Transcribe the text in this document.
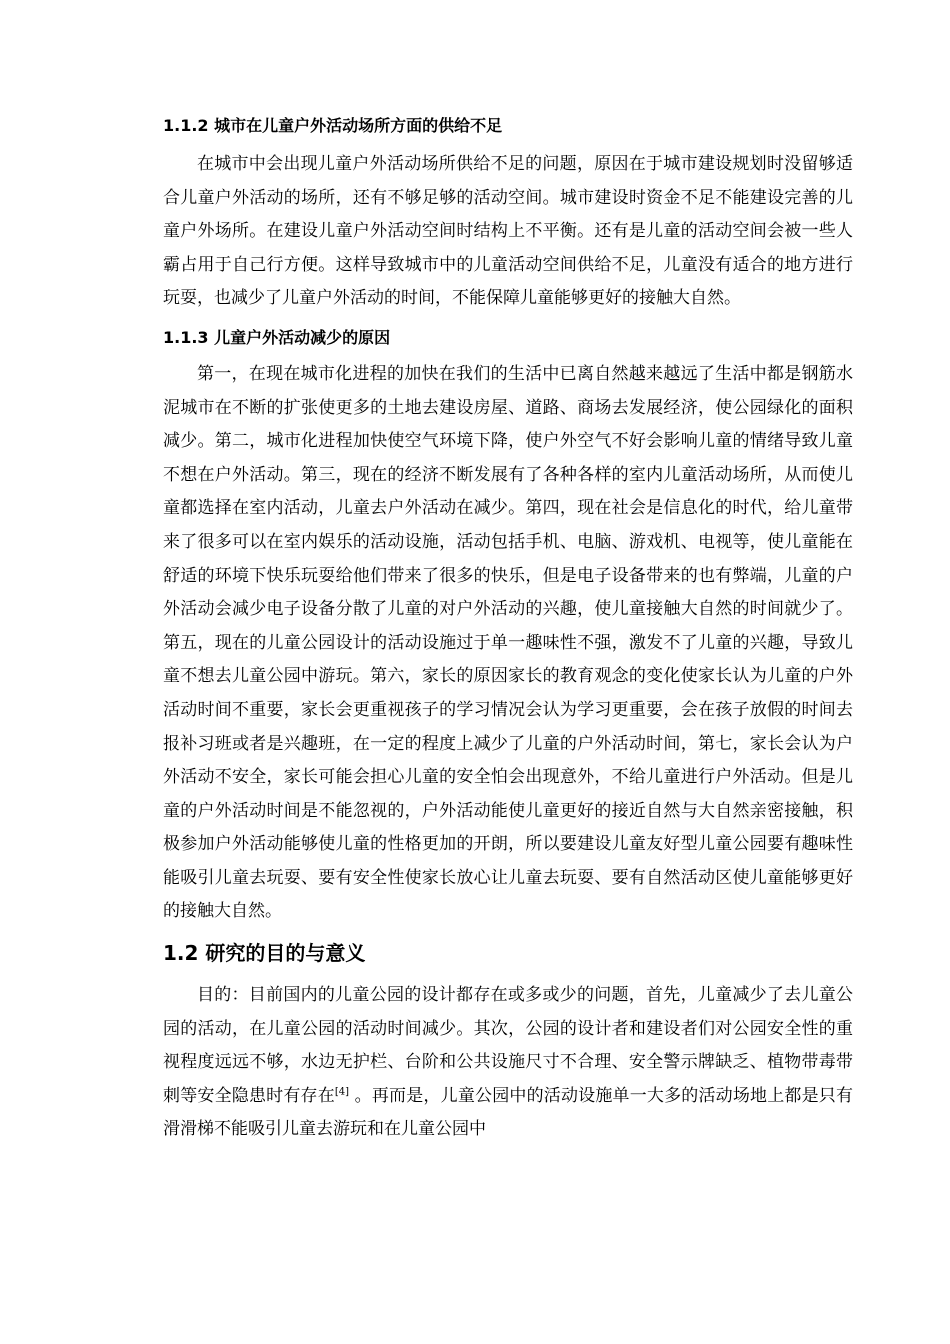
1.1.2 城市在儿童户外活动场所方面的供给不足

在城市中会出现儿童户外活动场所供给不足的问题，原因在于城市建设规划时没留够适合儿童户外活动的场所，还有不够足够的活动空间。城市建设时资金不足不能建设完善的儿童户外场所。在建设儿童户外活动空间时结构上不平衡。还有是儿童的活动空间会被一些人霸占用于自己行方便。这样导致城市中的儿童活动空间供给不足，儿童没有适合的地方进行玩耍，也减少了儿童户外活动的时间，不能保障儿童能够更好的接触大自然。

1.1.3 儿童户外活动减少的原因

第一，在现在城市化进程的加快在我们的生活中已离自然越来越远了生活中都是钢筋水泥城市在不断的扩张使更多的土地去建设房屋、道路、商场去发展经济，使公园绿化的面积减少。第二，城市化进程加快使空气环境下降，使户外空气不好会影响儿童的情绪导致儿童不想在户外活动。第三，现在的经济不断发展有了各种各样的室内儿童活动场所，从而使儿童都选择在室内活动，儿童去户外活动在减少。第四，现在社会是信息化的时代，给儿童带来了很多可以在室内娱乐的活动设施，活动包括手机、电脑、游戏机、电视等，使儿童能在舒适的环境下快乐玩耍给他们带来了很多的快乐，但是电子设备带来的也有弊端，儿童的户外活动会减少电子设备分散了儿童的对户外活动的兴趣，使儿童接触大自然的时间就少了。第五，现在的儿童公园设计的活动设施过于单一趣味性不强，激发不了儿童的兴趣，导致儿童不想去儿童公园中游玩。第六，家长的原因家长的教育观念的变化使家长认为儿童的户外活动时间不重要，家长会更重视孩子的学习情况会认为学习更重要，会在孩子放假的时间去报补习班或者是兴趣班，在一定的程度上减少了儿童的户外活动时间，第七，家长会认为户外活动不安全，家长可能会担心儿童的安全怕会出现意外，不给儿童进行户外活动。但是儿童的户外活动时间是不能忽视的，户外活动能使儿童更好的接近自然与大自然亲密接触，积极参加户外活动能够使儿童的性格更加的开朗，所以要建设儿童友好型儿童公园要有趣味性能吸引儿童去玩耍、要有安全性使家长放心让儿童去玩耍、要有自然活动区使儿童能够更好的接触大自然。

1.2 研究的目的与意义

目的：目前国内的儿童公园的设计都存在或多或少的问题，首先，儿童减少了去儿童公园的活动，在儿童公园的活动时间减少。其次，公园的设计者和建设者们对公园安全性的重视程度远远不够，水边无护栏、台阶和公共设施尺寸不合理、安全警示牌缺乏、植物带毒带刺等安全隐患时有存在[4] 。再而是，儿童公园中的活动设施单一大多的活动场地上都是只有滑滑梯不能吸引儿童去游玩和在儿童公园中
